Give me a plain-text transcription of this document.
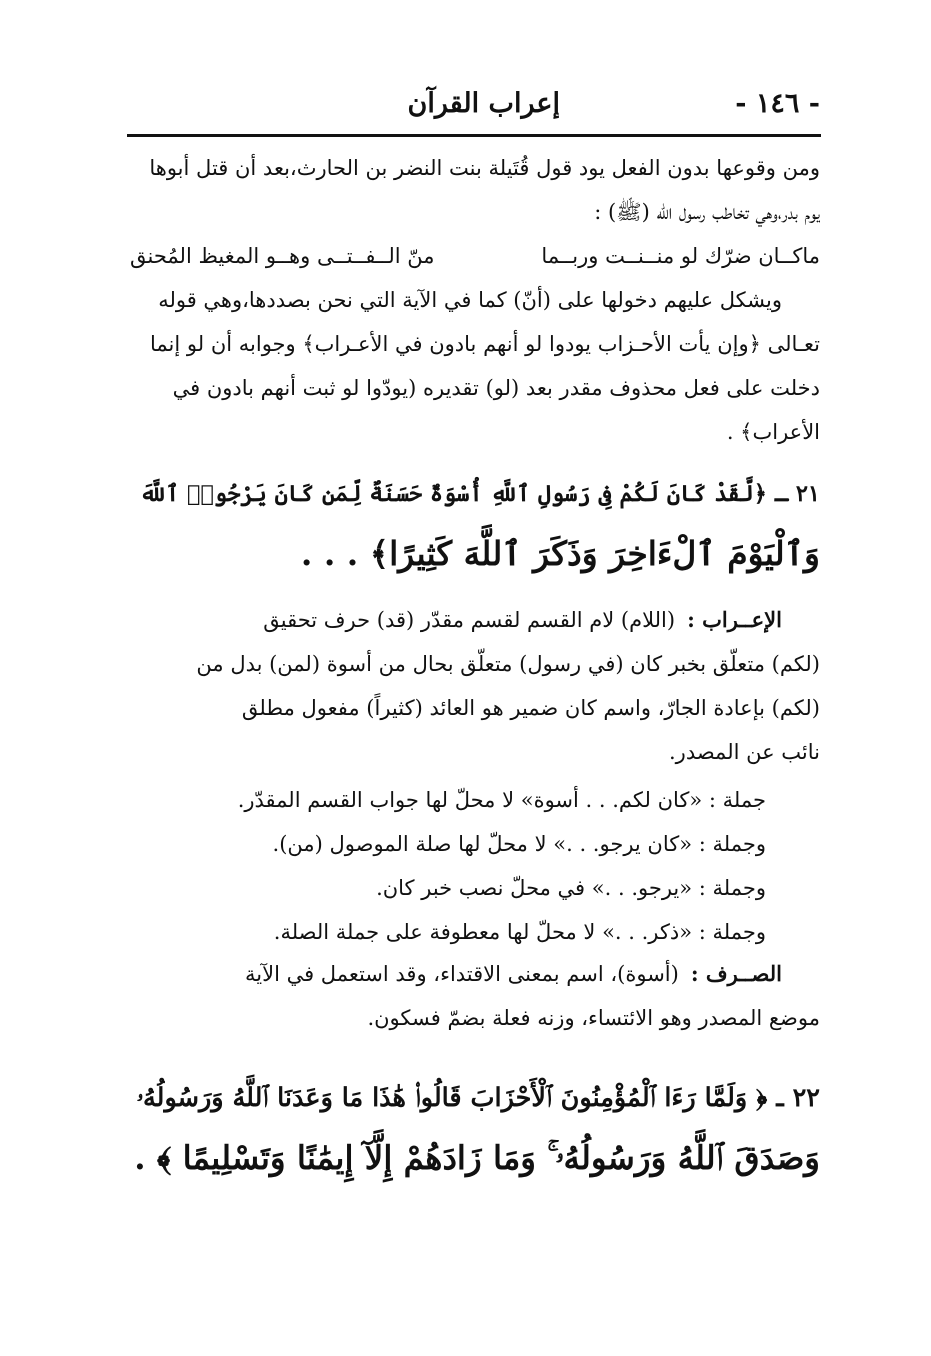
- ١٤٦ -
إعراب القرآن
ومن وقوعها بدون الفعل يود قول قُتَيلة بنت النضر بن الحارث،بعد أن قتل أبوها
يوم بدر،وهي تخاطب رسول الله (ﷺ) :
ماكــان ضرّك لو منــنــت وربــما
منّ الــفــتــى وهــو المغيظ المُحنق
ويشكل عليهم دخولها على (أنّ) كما في الآية التي نحن بصددها،وهي قوله
تعـالى ﴿وإن يأت الأحـزاب يودوا لو أنهم بادون في الأعـراب﴾ وجوابه أن لو إنما
دخلت على فعل محذوف مقدر بعد (لو) تقديره (يودّوا لو ثبت أنهم بادون في
الأعراب﴾ .
٢١ ـ ﴿لَّقَدْ كَانَ لَكُمْ فِى رَسُولِ ٱللَّهِ أُسْوَةٌ حَسَنَةٌ لِّمَن كَانَ يَرْجُوا۟ ٱللَّهَ
وَٱلْيَوْمَ ٱلْءَاخِرَ وَذَكَرَ ٱللَّهَ كَثِيرًا﴾ . . .
الإعــراب :(اللام) لام القسم لقسم مقدّر (قد) حرف تحقيق
(لكم) متعلّق بخبر كان (في رسول) متعلّق بحال من أسوة (لمن) بدل من
(لكم) بإعادة الجارّ، واسم كان ضمير هو العائد (كثيراً) مفعول مطلق
نائب عن المصدر.
جملة : «كان لكم. . . أسوة» لا محلّ لها جواب القسم المقدّر.
وجملة : «كان يرجو. . .» لا محلّ لها صلة الموصول (من).
وجملة : «يرجو. . .» في محلّ نصب خبر كان.
وجملة : «ذكر. . .» لا محلّ لها معطوفة على جملة الصلة.
الصــرف :(أسوة)، اسم بمعنى الاقتداء، وقد استعمل في الآية
موضع المصدر وهو الائتساء، وزنه فعلة بضمّ فسكون.
٢٢ ـ ﴿ وَلَمَّا رَءَا ٱلْمُؤْمِنُونَ ٱلْأَحْزَابَ قَالُوا۟ هَٰذَا مَا وَعَدَنَا ٱللَّهُ وَرَسُولُهُۥ
وَصَدَقَ ٱللَّهُ وَرَسُولُهُۥ ۚ وَمَا زَادَهُمْ إِلَّآ إِيمَٰنًا وَتَسْلِيمًا ﴾ .
